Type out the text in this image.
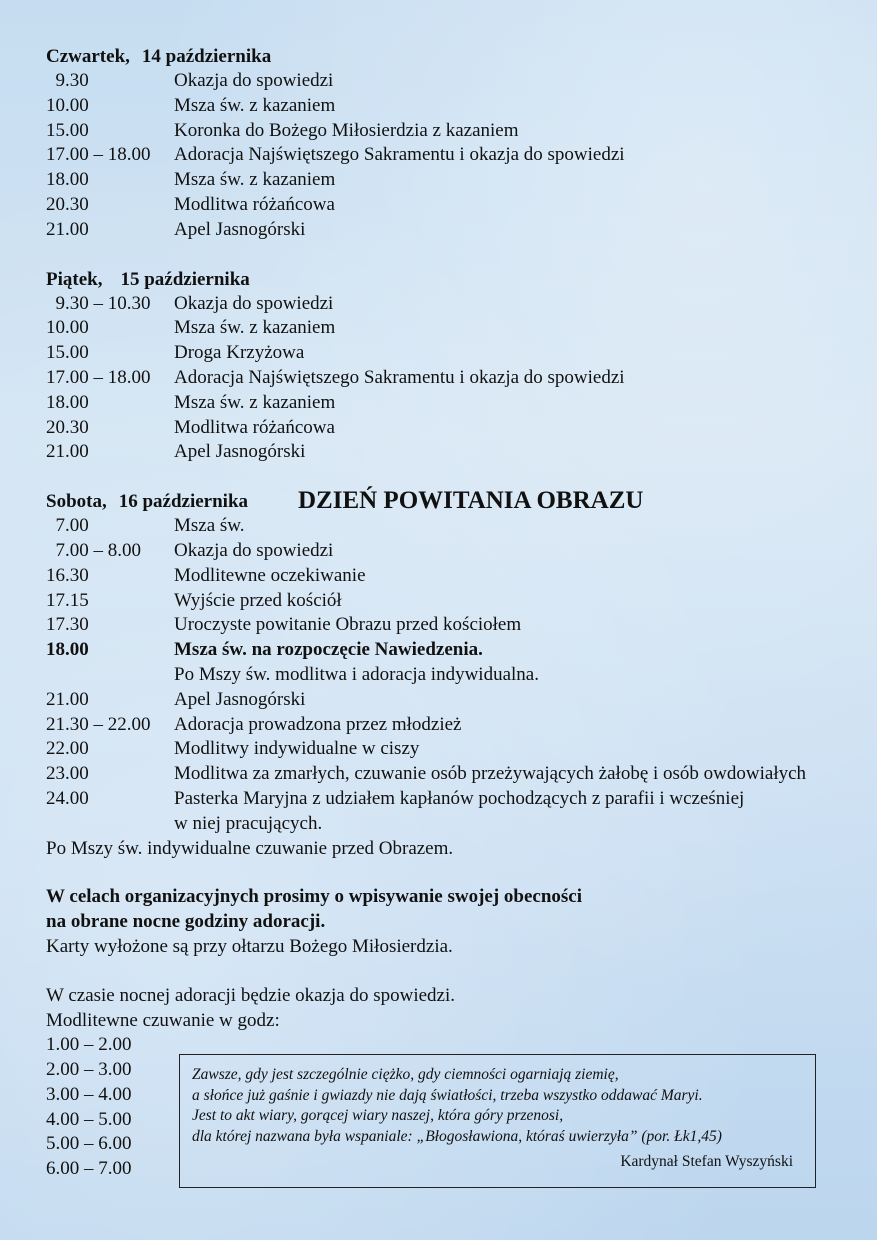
Czwartek, 14 października
9.30	Okazja do spowiedzi
10.00	Msza św. z kazaniem
15.00	Koronka do Bożego Miłosierdzia z kazaniem
17.00 – 18.00	Adoracja Najświętszego Sakramentu i okazja do spowiedzi
18.00	Msza św. z kazaniem
20.30	Modlitwa różańcowa
21.00	Apel Jasnogórski
Piątek, 15 października
9.30 – 10.30	Okazja do spowiedzi
10.00	Msza św. z kazaniem
15.00	Droga Krzyżowa
17.00 – 18.00	Adoracja Najświętszego Sakramentu i okazja do spowiedzi
18.00	Msza św. z kazaniem
20.30	Modlitwa różańcowa
21.00	Apel Jasnogórski
Sobota, 16 października DZIEŃ POWITANIA OBRAZU
7.00	Msza św.
7.00 – 8.00	Okazja do spowiedzi
16.30	Modlitewne oczekiwanie
17.15	Wyjście przed kościół
17.30	Uroczyste powitanie Obrazu przed kościołem
18.00	Msza św. na rozpoczęcie Nawiedzenia.
Po Mszy św. modlitwa i adoracja indywidualna.
21.00	Apel Jasnogórski
21.30 – 22.00	Adoracja prowadzona przez młodzież
22.00	Modlitwy indywidualne w ciszy
23.00	Modlitwa za zmarłych, czuwanie osób przeżywających żałobę i osób owdowiałych
24.00	Pasterka Maryjna z udziałem kapłanów pochodzących z parafii i wcześniej
w niej pracujących.
Po Mszy św. indywidualne czuwanie przed Obrazem.
W celach organizacyjnych prosimy o wpisywanie swojej obecności
na obrane nocne godziny adoracji.
Karty wyłożone są przy ołtarzu Bożego Miłosierdzia.
W czasie nocnej adoracji będzie okazja do spowiedzi.
Modlitewne czuwanie w godz:
1.00 – 2.00
2.00 – 3.00
3.00 – 4.00
4.00 – 5.00
5.00 – 6.00
6.00 – 7.00
Zawsze, gdy jest szczególnie ciężko, gdy ciemności ogarniają ziemię,
a słońce już gaśnie i gwiazdy nie dają światłości, trzeba wszystko oddawać Maryi.
Jest to akt wiary, gorącej wiary naszej, która góry przenosi,
dla której nazwana była wspaniale: „Błogosławiona, któraś uwierzyła” (por. Łk1,45)
Kardynał Stefan Wyszyński
